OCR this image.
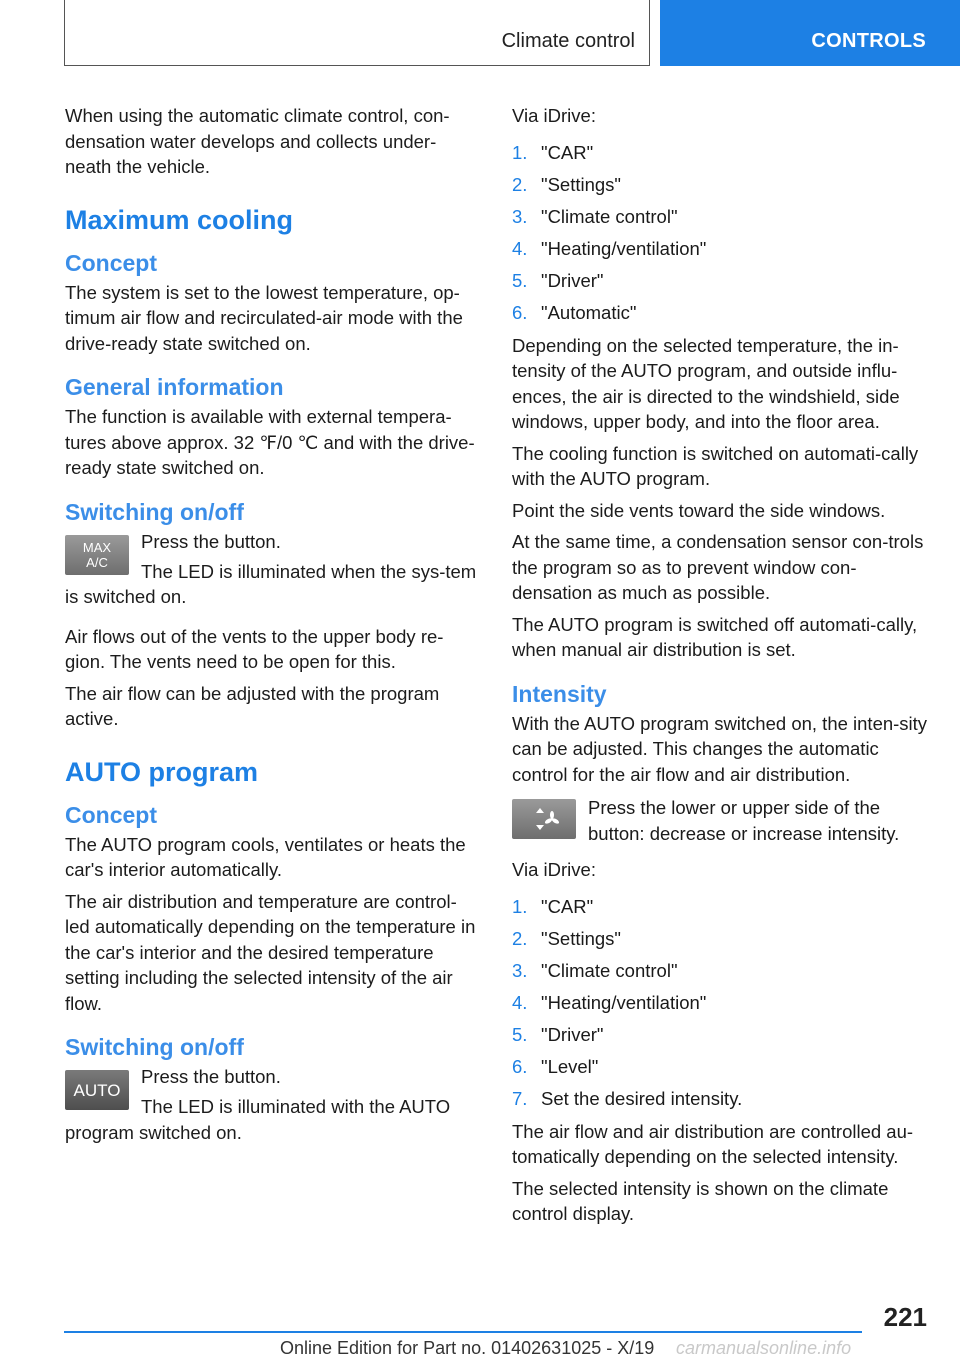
Climate control	CONTROLS

When using the automatic climate control, con-densation water develops and collects under-neath the vehicle.

Maximum cooling
Concept

The system is set to the lowest temperature, op-timum air flow and recirculated-air mode with the drive-ready state switched on.

General information

The function is available with external tempera-tures above approx. 32 ℉/0 ℃ and with the drive-ready state switched on.

Switching on/off
MAX
A/C

Press the button.

The LED is illuminated when the sys-tem is switched on.

Air flows out of the vents to the upper body re-gion. The vents need to be open for this.

The air flow can be adjusted with the program active.

AUTO program
Concept

The AUTO program cools, ventilates or heats the car's interior automatically.

The air distribution and temperature are control-led automatically depending on the temperature in the car's interior and the desired temperature setting including the selected intensity of the air flow.

Switching on/off
AUTO

Press the button.

The LED is illuminated with the AUTO program switched on.

Via iDrive:

1. "CAR"
2. "Settings"
3. "Climate control"
4. "Heating/ventilation"
5. "Driver"
6. "Automatic"

Depending on the selected temperature, the in-tensity of the AUTO program, and outside influ-ences, the air is directed to the windshield, side windows, upper body, and into the floor area.

The cooling function is switched on automati-cally with the AUTO program.

Point the side vents toward the side windows.

At the same time, a condensation sensor con-trols the program so as to prevent window con-densation as much as possible.

The AUTO program is switched off automati-cally, when manual air distribution is set.

Intensity

With the AUTO program switched on, the inten-sity can be adjusted. This changes the automatic control for the air flow and air distribution.

Press the lower or upper side of the button: decrease or increase intensity.

Via iDrive:

1. "CAR"
2. "Settings"
3. "Climate control"
4. "Heating/ventilation"
5. "Driver"
6. "Level"
7. Set the desired intensity.

The air flow and air distribution are controlled au-tomatically depending on the selected intensity.

The selected intensity is shown on the climate control display.

221
Online Edition for Part no. 01402631025 - X/19 carmanualsonline.info
